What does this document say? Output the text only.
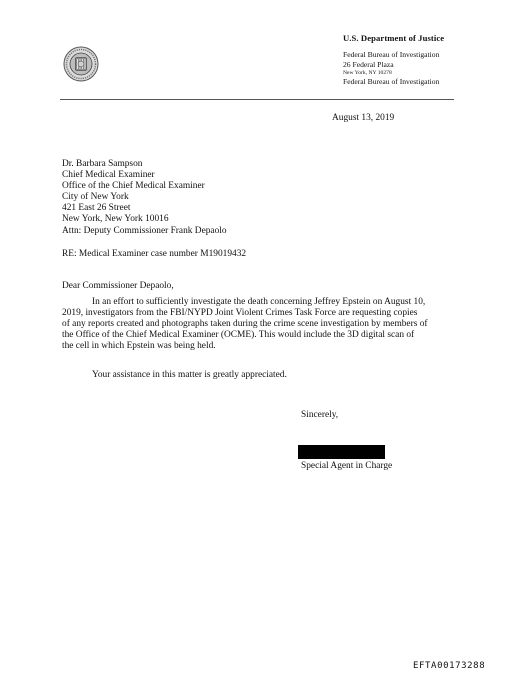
U.S. Department of Justice
Federal Bureau of Investigation
26 Federal Plaza
New York, NY 10278
Federal Bureau of Investigation
August 13, 2019
Dr. Barbara Sampson
Chief Medical Examiner
Office of the Chief Medical Examiner
City of New York
421 East 26 Street
New York, New York 10016
Attn: Deputy Commissioner Frank Depaolo
RE: Medical Examiner case number M19019432
Dear Commissioner Depaolo,
In an effort to sufficiently investigate the death concerning Jeffrey Epstein on August 10,
2019, investigators from the FBI/NYPD Joint Violent Crimes Task Force are requesting copies
of any reports created and photographs taken during the crime scene investigation by members of
the Office of the Chief Medical Examiner (OCME). This would include the 3D digital scan of
the cell in which Epstein was being held.
Your assistance in this matter is greatly appreciated.
Sincerely,
Special Agent in Charge
EFTA00173288
